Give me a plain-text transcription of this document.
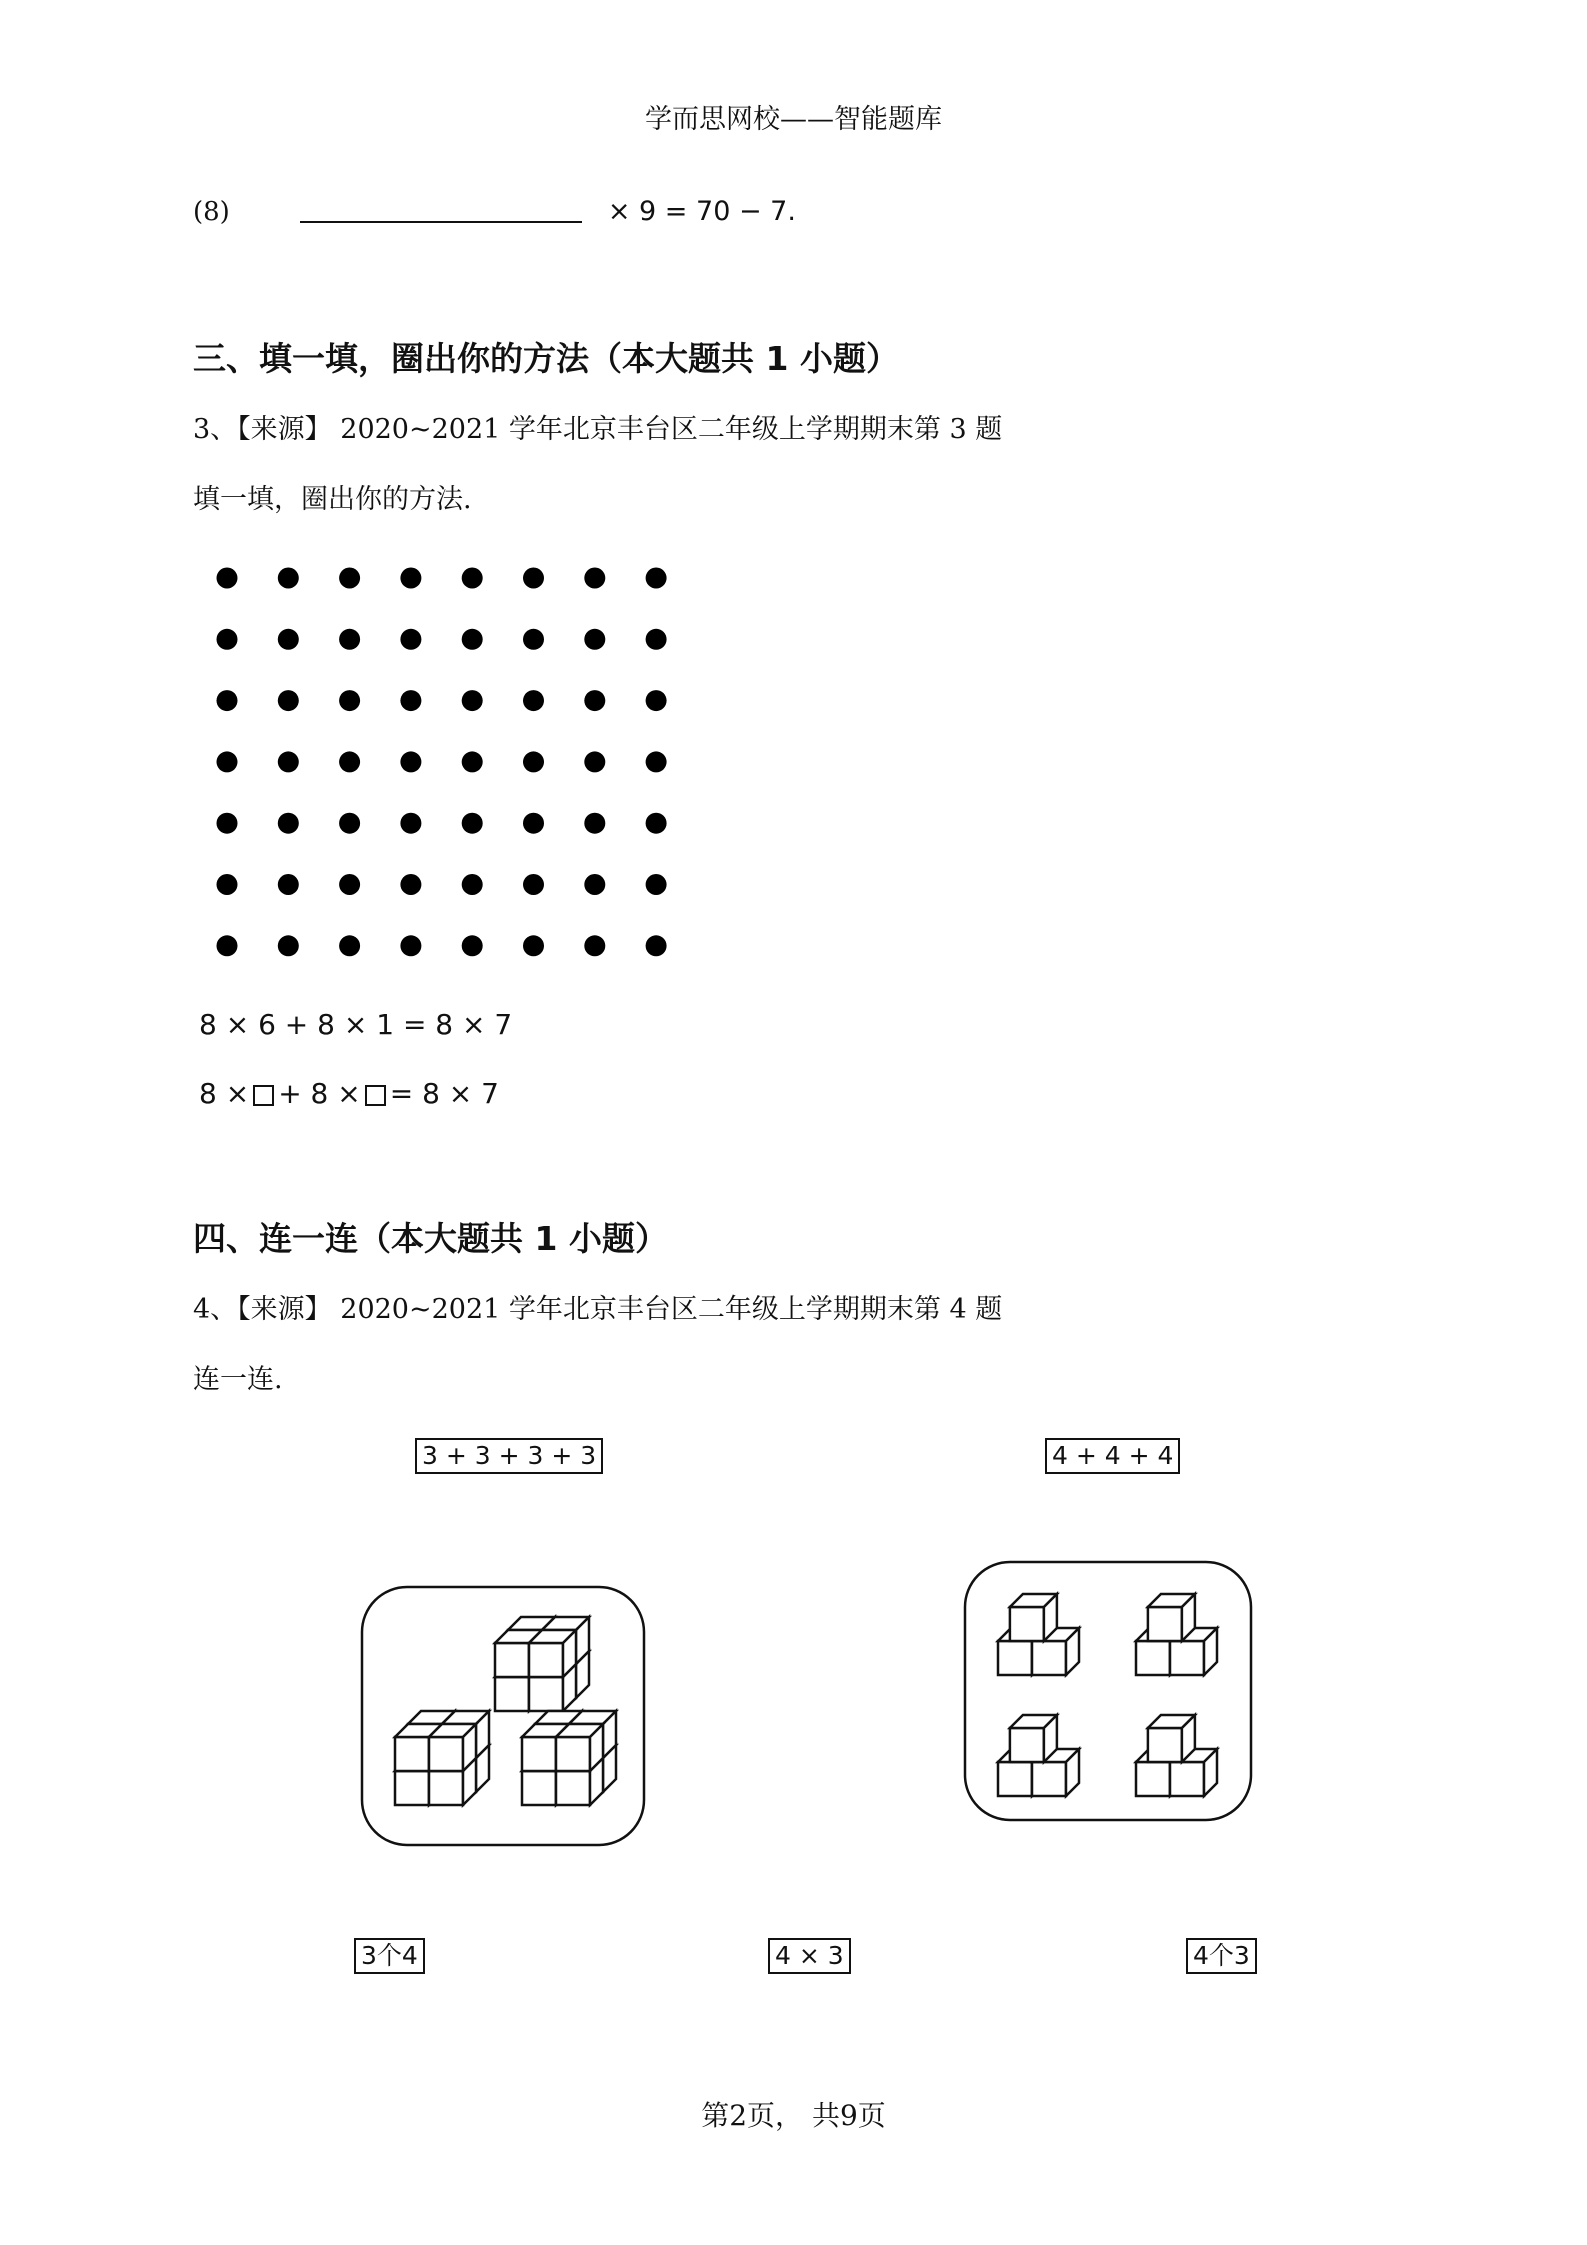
学而思网校——智能题库
(8)	× 9 = 70 − 7.
三、填一填，圈出你的方法（本大题共 1 小题）
3、【来源】 2020~2021 学年北京丰台区二年级上学期期末第 3 题
填一填，圈出你的方法.
8 × 6 + 8 × 1 = 8 × 7
8 × + 8 × = 8 × 7
四、连一连（本大题共 1 小题）
4、【来源】 2020~2021 学年北京丰台区二年级上学期期末第 4 题
连一连.
3 + 3 + 3 + 3	4 + 4 + 4
3个4	4 × 3	4个3
第2页， 共9页
